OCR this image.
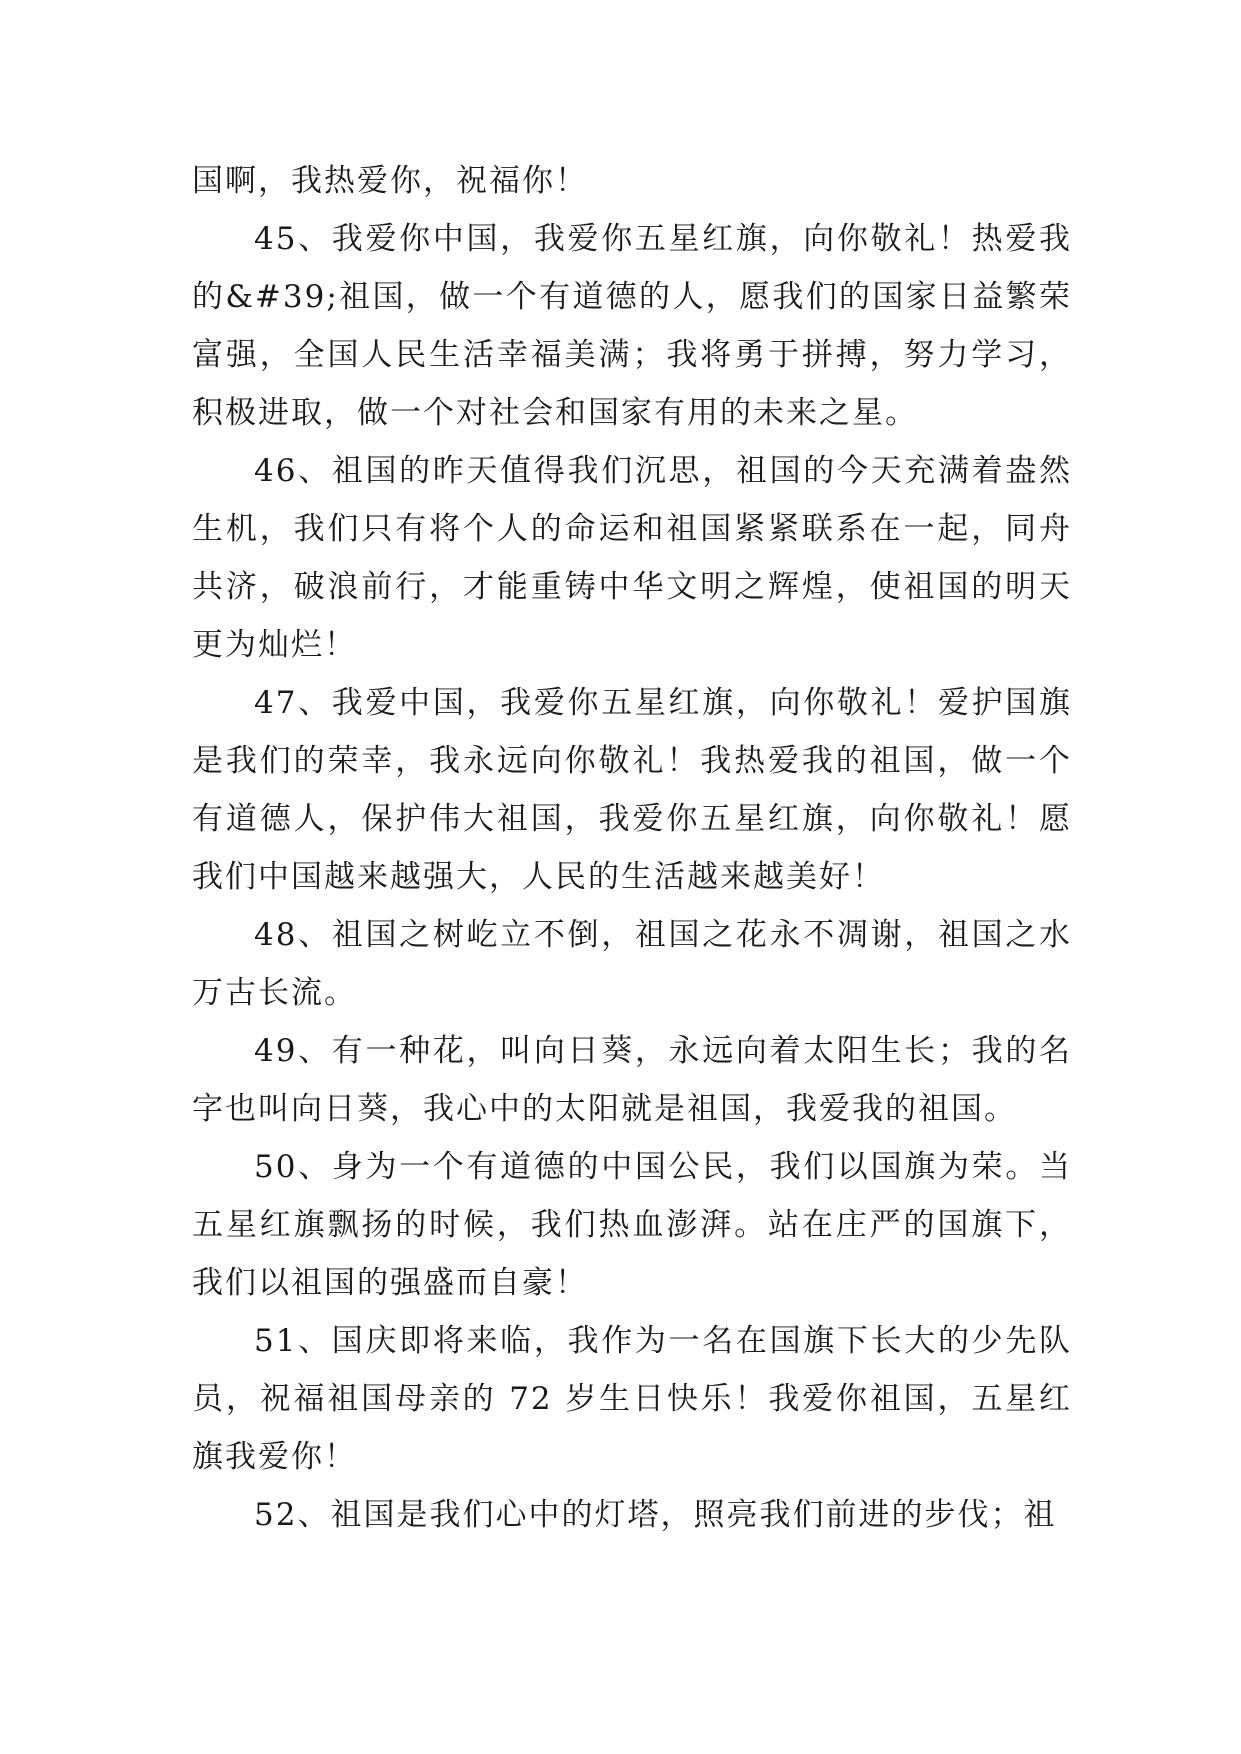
国啊，我热爱你，祝福你！

45、我爱你中国，我爱你五星红旗，向你敬礼！热爱我的&#39;祖国，做一个有道德的人，愿我们的国家日益繁荣富强，全国人民生活幸福美满；我将勇于拼搏，努力学习，积极进取，做一个对社会和国家有用的未来之星。

46、祖国的昨天值得我们沉思，祖国的今天充满着盎然生机，我们只有将个人的命运和祖国紧紧联系在一起，同舟共济，破浪前行，才能重铸中华文明之辉煌，使祖国的明天更为灿烂！

47、我爱中国，我爱你五星红旗，向你敬礼！爱护国旗是我们的荣幸，我永远向你敬礼！我热爱我的祖国，做一个有道德人，保护伟大祖国，我爱你五星红旗，向你敬礼！愿我们中国越来越强大，人民的生活越来越美好！

48、祖国之树屹立不倒，祖国之花永不凋谢，祖国之水万古长流。

49、有一种花，叫向日葵，永远向着太阳生长；我的名字也叫向日葵，我心中的太阳就是祖国，我爱我的祖国。

50、身为一个有道德的中国公民，我们以国旗为荣。当五星红旗飘扬的时候，我们热血澎湃。站在庄严的国旗下，我们以祖国的强盛而自豪！

51、国庆即将来临，我作为一名在国旗下长大的少先队员，祝福祖国母亲的 72 岁生日快乐！我爱你祖国，五星红旗我爱你！

52、祖国是我们心中的灯塔，照亮我们前进的步伐；祖
